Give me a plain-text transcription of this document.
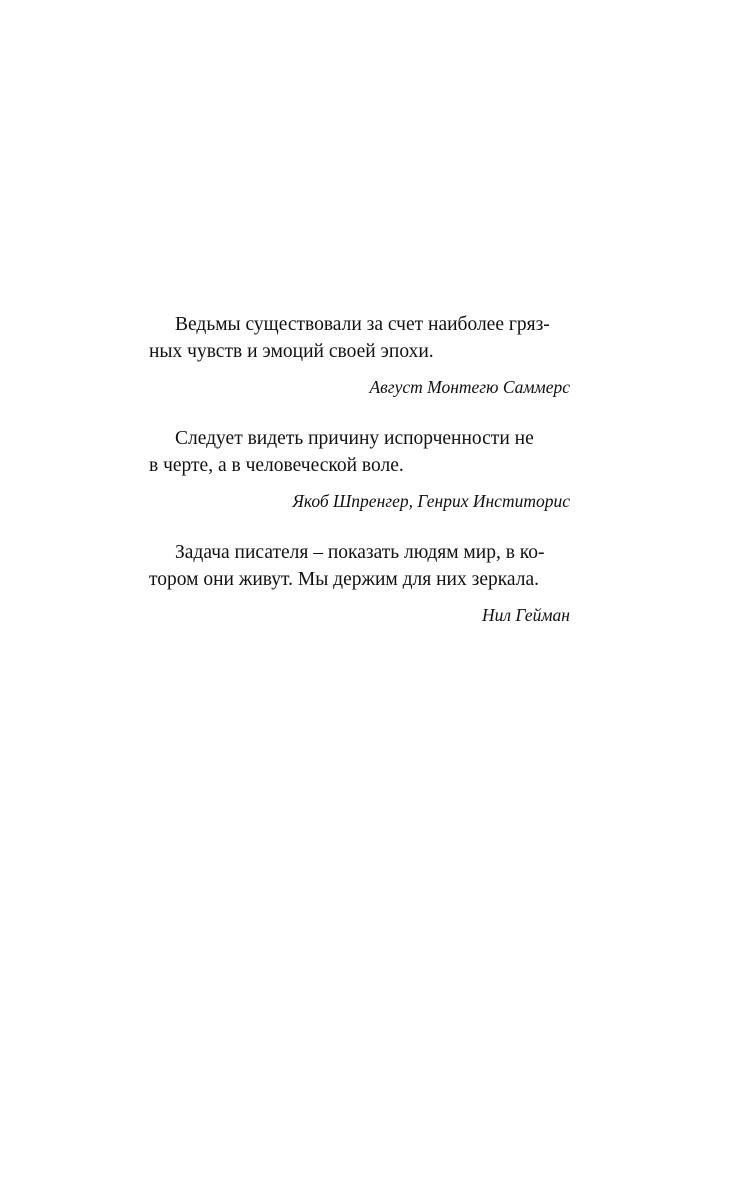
Ведьмы существовали за счет наиболее гряз-
ных чувств и эмоций своей эпохи.
Август Монтегю Саммерс
Следует видеть причину испорченности не
в черте, а в человеческой воле.
Якоб Шпренгер, Генрих Инститорис
Задача писателя – показать людям мир, в ко-
тором они живут. Мы держим для них зеркала.
Нил Гейман
